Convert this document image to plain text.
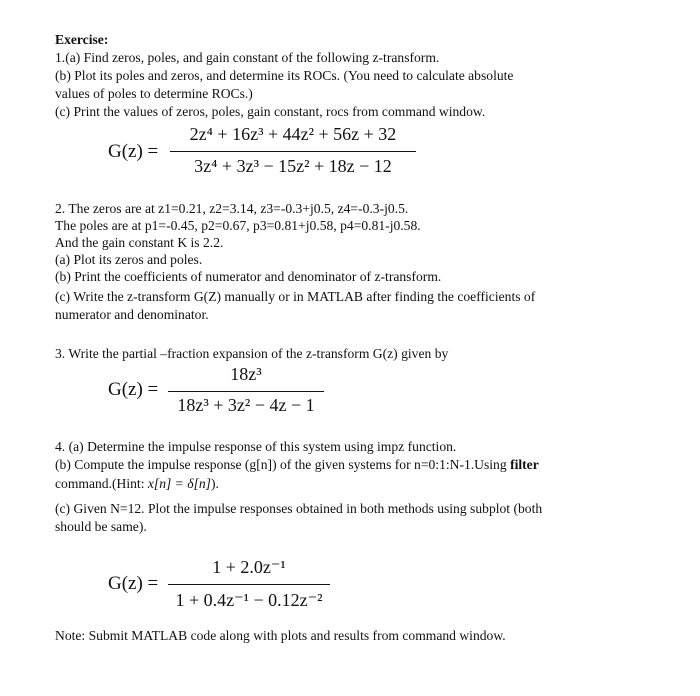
Exercise:
1.(a) Find zeros, poles, and gain constant of the following z-transform.
(b) Plot its poles and zeros, and determine its ROCs. (You need to calculate absolute
values of poles to determine ROCs.)
(c) Print the values of zeros, poles, gain constant, rocs from command window.
G(z) =
2z⁴ + 16z³ + 44z² + 56z + 32
3z⁴ + 3z³ − 15z² + 18z − 12
2. The zeros are at z1=0.21, z2=3.14, z3=-0.3+j0.5, z4=-0.3-j0.5.
The poles are at p1=-0.45, p2=0.67, p3=0.81+j0.58, p4=0.81-j0.58.
And the gain constant K is 2.2.
(a) Plot its zeros and poles.
(b) Print the coefficients of numerator and denominator of z-transform.
(c) Write the z-transform G(Z) manually or in MATLAB after finding the coefficients of
numerator and denominator.
3. Write the partial –fraction expansion of the z-transform G(z) given by
G(z) =
18z³
18z³ + 3z² − 4z − 1
4. (a) Determine the impulse response of this system using impz function.
(b) Compute the impulse response (g[n]) of the given systems for n=0:1:N-1.Using filter
command.(Hint: x[n] = δ[n]).
(c) Given N=12. Plot the impulse responses obtained in both methods using subplot (both
should be same).
G(z) =
1 + 2.0z⁻¹
1 + 0.4z⁻¹ − 0.12z⁻²
Note: Submit MATLAB code along with plots and results from command window.
